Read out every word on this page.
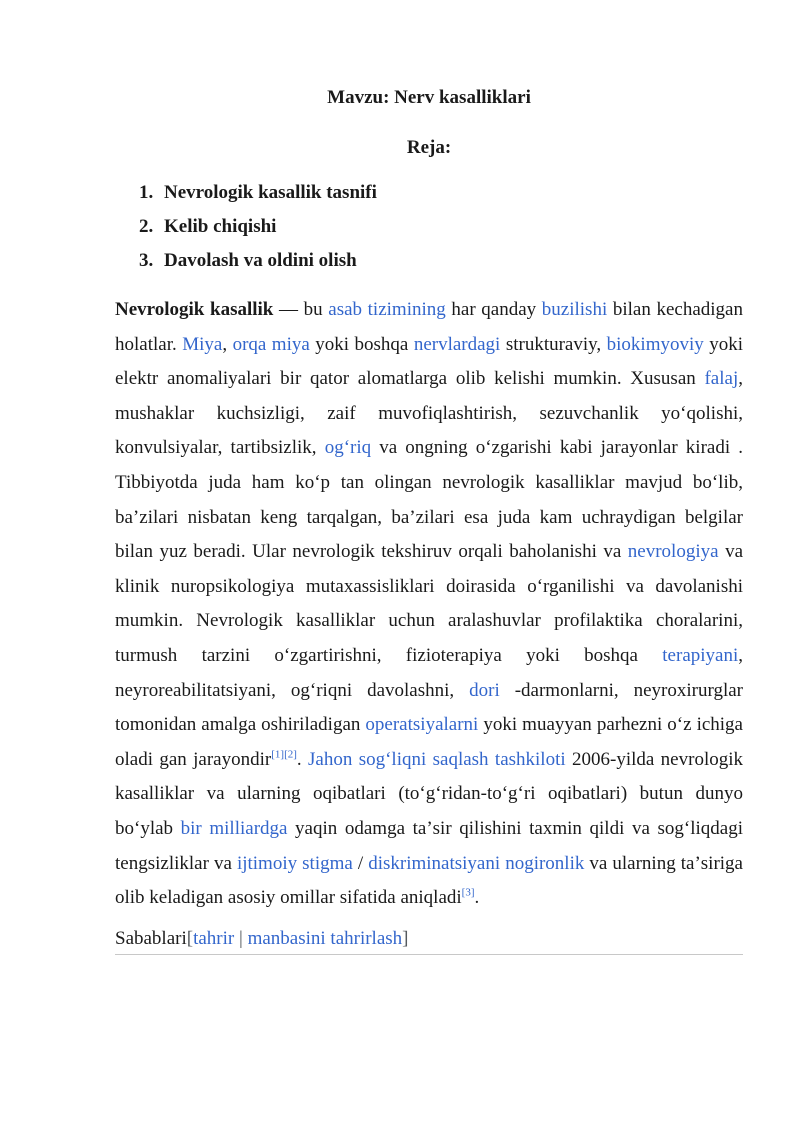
Mavzu: Nerv kasalliklari
Reja:
1. Nevrologik kasallik tasnifi
2. Kelib chiqishi
3. Davolash va oldini olish
Nevrologik kasallik — bu asab tizimining har qanday buzilishi bilan kechadigan holatlar. Miya, orqa miya yoki boshqa nervlardagi strukturaviy, biokimyoviy yoki elektr anomaliyalari bir qator alomatlarga olib kelishi mumkin. Xususan falaj, mushaklar kuchsizligi, zaif muvofiqlashtirish, sezuvchanlik yoʻqolishi, konvulsiyalar, tartibsizlik, ogʻriq va ongning oʻzgarishi kabi jarayonlar kiradi . Tibbiyotda juda ham koʻp tan olingan nevrologik kasalliklar mavjud boʻlib, baʼzilari nisbatan keng tarqalgan, baʼzilari esa juda kam uchraydigan belgilar bilan yuz beradi. Ular nevrologik tekshiruv orqali baholanishi va nevrologiya va klinik nuropsikologiya mutaxassisliklari doirasida oʻrganilishi va davolanishi mumkin. Nevrologik kasalliklar uchun aralashuvlar profilaktika choralarini, turmush tarzini oʻzgartirishni, fizioterapiya yoki boshqa terapiyani, neyroreabilitatsiyani, ogʻriqni davolashni, dori -darmonlarni, neyroxirurglar tomonidan amalga oshiriladigan operatsiyalarni yoki muayyan parhezni oʻz ichiga oladi gan jarayondir[1][2]. Jahon sogʻliqni saqlash tashkiloti 2006-yilda nevrologik kasalliklar va ularning oqibatlari (toʻgʻridan-toʻgʻri oqibatlari) butun dunyo boʻylab bir milliardga yaqin odamga taʼsir qilishini taxmin qildi va sogʻliqdagi tengsizliklar va ijtimoiy stigma / diskriminatsiyani nogironlik va ularning taʼsiriga olib keladigan asosiy omillar sifatida aniqladi[3].
Sabablari[tahrir | manbasini tahrirlash]
